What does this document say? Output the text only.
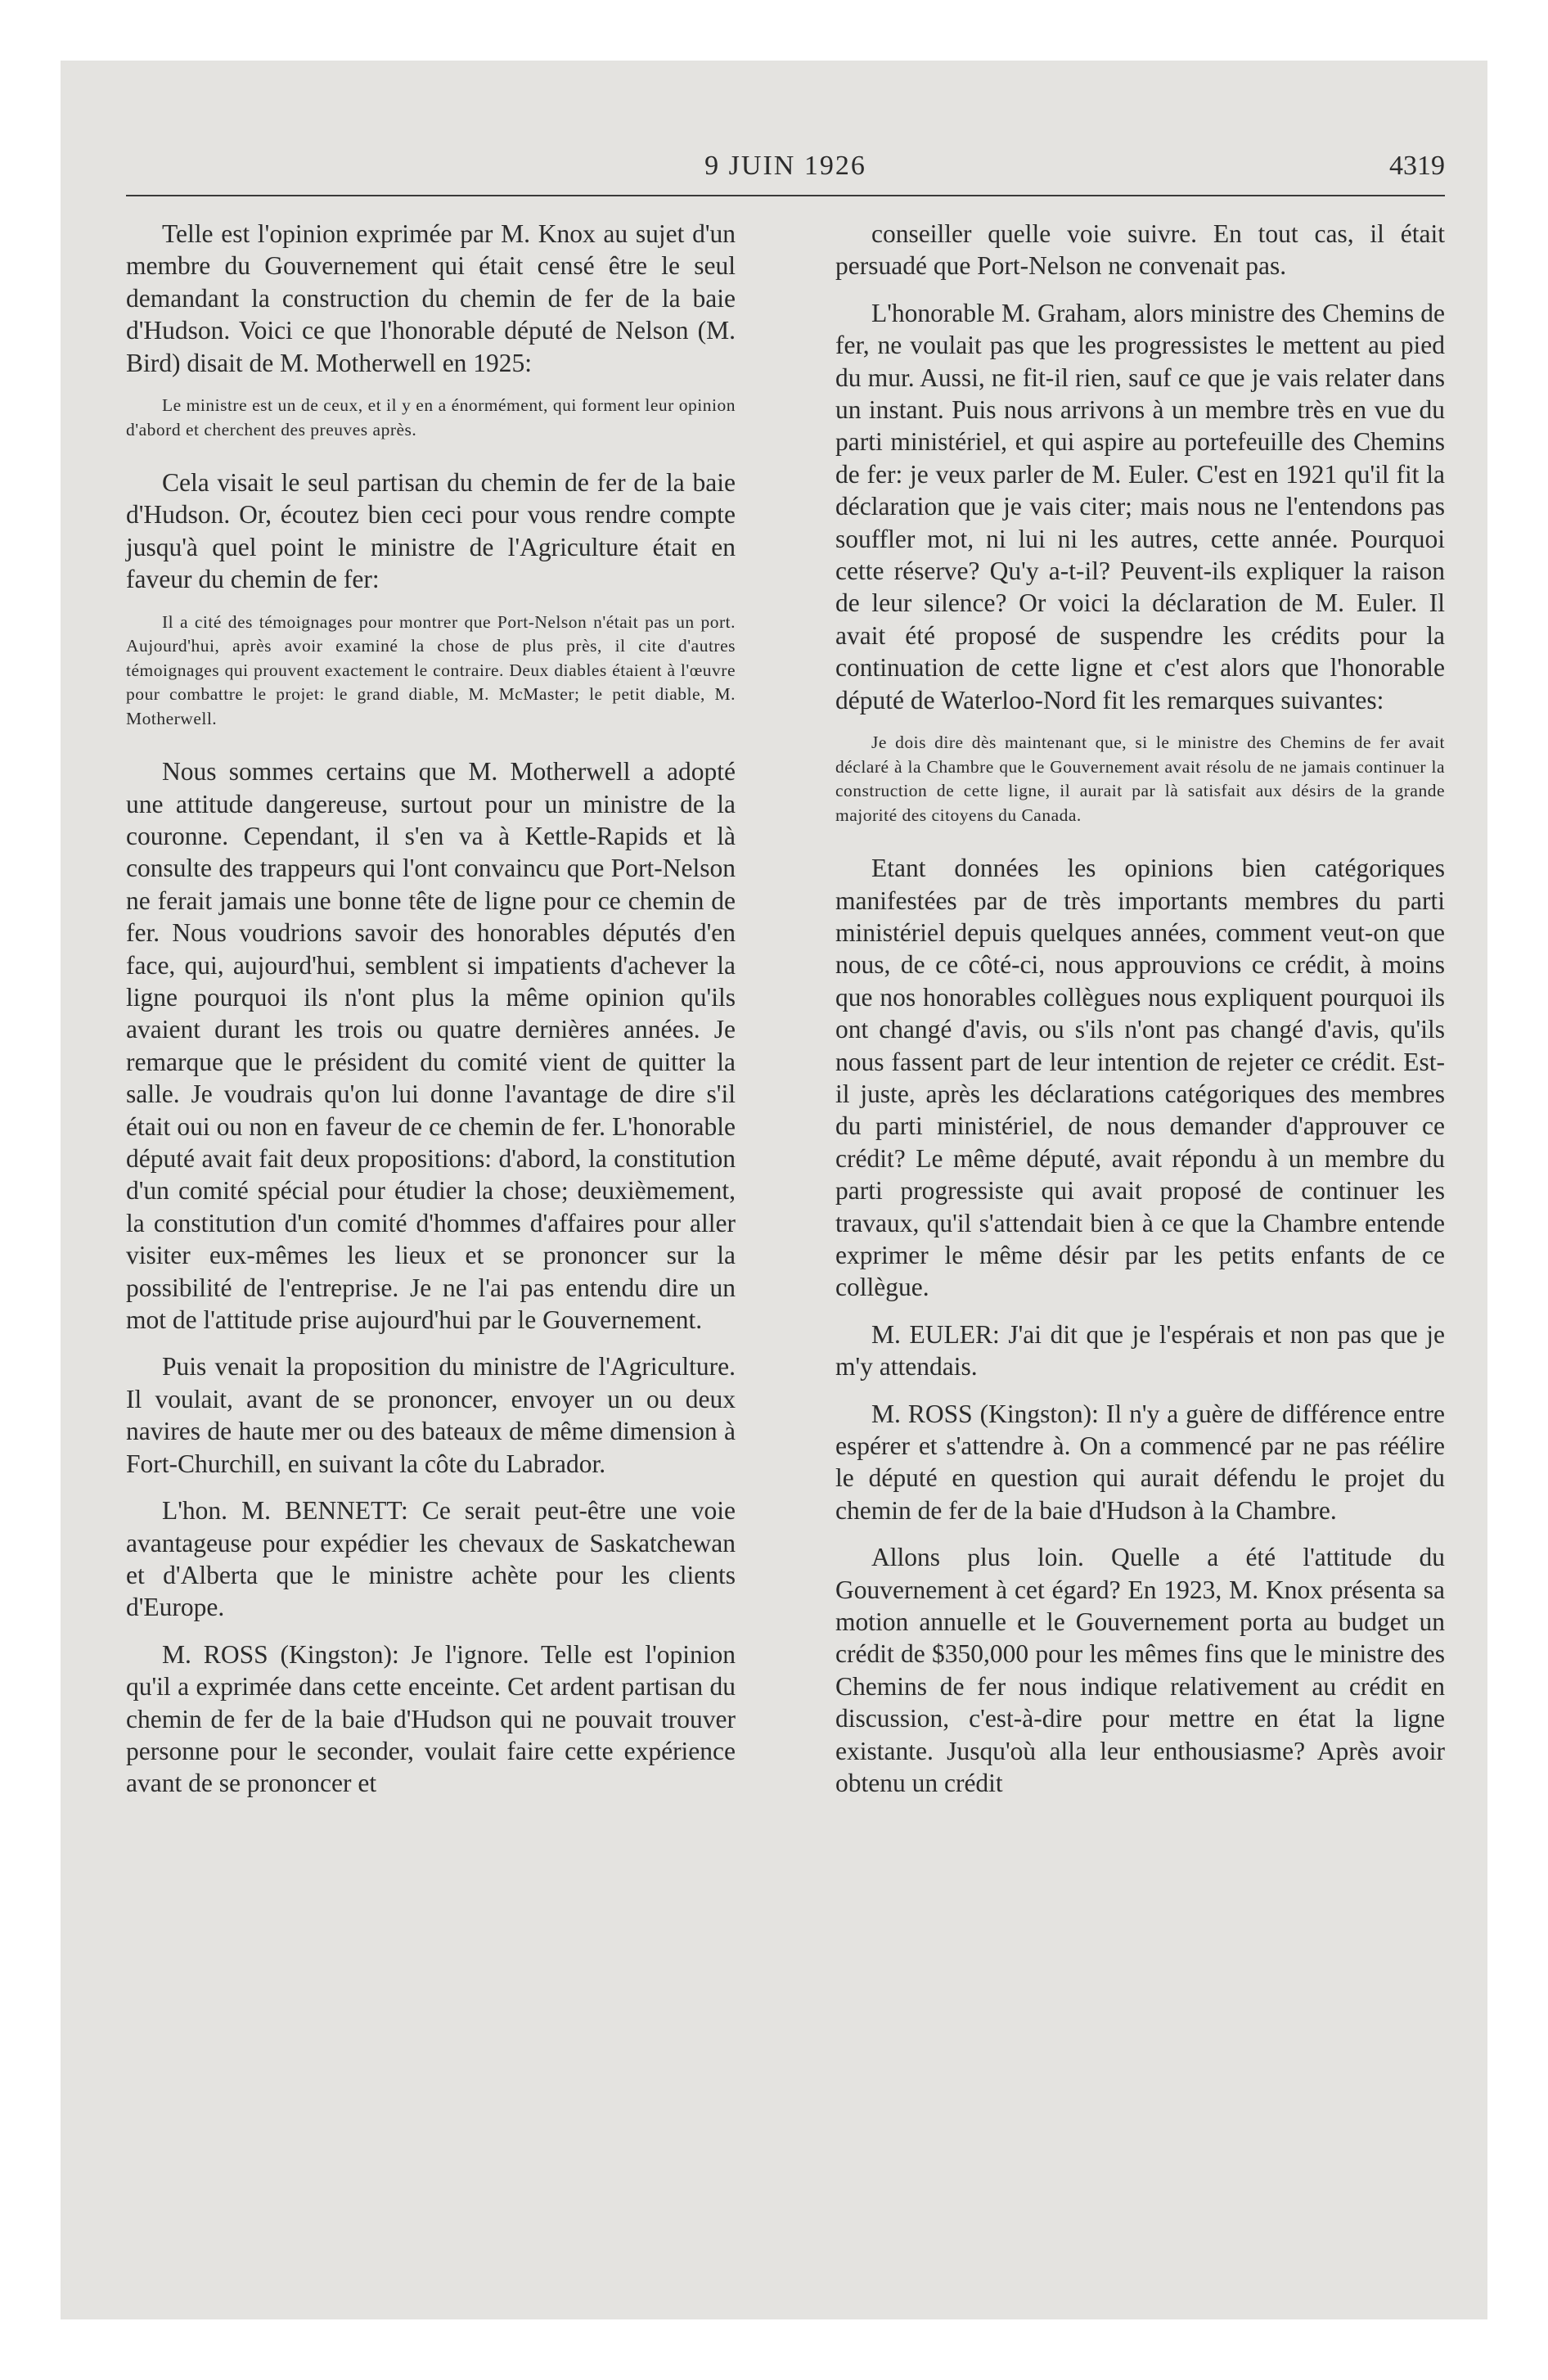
9 JUIN 1926	4319

Telle est l'opinion exprimée par M. Knox au sujet d'un membre du Gouvernement qui était censé être le seul demandant la construction du chemin de fer de la baie d'Hudson. Voici ce que l'honorable député de Nelson (M. Bird) disait de M. Motherwell en 1925:

Le ministre est un de ceux, et il y en a énormément, qui forment leur opinion d'abord et cherchent des preuves après.

Cela visait le seul partisan du chemin de fer de la baie d'Hudson. Or, écoutez bien ceci pour vous rendre compte jusqu'à quel point le ministre de l'Agriculture était en faveur du chemin de fer:

Il a cité des témoignages pour montrer que Port-Nelson n'était pas un port. Aujourd'hui, après avoir examiné la chose de plus près, il cite d'autres témoignages qui prouvent exactement le contraire. Deux diables étaient à l'œuvre pour combattre le projet: le grand diable, M. McMaster; le petit diable, M. Motherwell.

Nous sommes certains que M. Motherwell a adopté une attitude dangereuse, surtout pour un ministre de la couronne. Cependant, il s'en va à Kettle-Rapids et là consulte des trappeurs qui l'ont convaincu que Port-Nelson ne ferait jamais une bonne tête de ligne pour ce chemin de fer. Nous voudrions savoir des honorables députés d'en face, qui, aujourd'hui, semblent si impatients d'achever la ligne pourquoi ils n'ont plus la même opinion qu'ils avaient durant les trois ou quatre dernières années. Je remarque que le président du comité vient de quitter la salle. Je voudrais qu'on lui donne l'avantage de dire s'il était oui ou non en faveur de ce chemin de fer. L'honorable député avait fait deux propositions: d'abord, la constitution d'un comité spécial pour étudier la chose; deuxièmement, la constitution d'un comité d'hommes d'affaires pour aller visiter eux-mêmes les lieux et se prononcer sur la possibilité de l'entreprise. Je ne l'ai pas entendu dire un mot de l'attitude prise aujourd'hui par le Gouvernement.

Puis venait la proposition du ministre de l'Agriculture. Il voulait, avant de se prononcer, envoyer un ou deux navires de haute mer ou des bateaux de même dimension à Fort-Churchill, en suivant la côte du Labrador.

L'hon. M. BENNETT: Ce serait peut-être une voie avantageuse pour expédier les chevaux de Saskatchewan et d'Alberta que le ministre achète pour les clients d'Europe.

M. ROSS (Kingston): Je l'ignore. Telle est l'opinion qu'il a exprimée dans cette enceinte. Cet ardent partisan du chemin de fer de la baie d'Hudson qui ne pouvait trouver personne pour le seconder, voulait faire cette expérience avant de se prononcer et

conseiller quelle voie suivre. En tout cas, il était persuadé que Port-Nelson ne convenait pas.

L'honorable M. Graham, alors ministre des Chemins de fer, ne voulait pas que les progressistes le mettent au pied du mur. Aussi, ne fit-il rien, sauf ce que je vais relater dans un instant. Puis nous arrivons à un membre très en vue du parti ministériel, et qui aspire au portefeuille des Chemins de fer: je veux parler de M. Euler. C'est en 1921 qu'il fit la déclaration que je vais citer; mais nous ne l'entendons pas souffler mot, ni lui ni les autres, cette année. Pourquoi cette réserve? Qu'y a-t-il? Peuvent-ils expliquer la raison de leur silence? Or voici la déclaration de M. Euler. Il avait été proposé de suspendre les crédits pour la continuation de cette ligne et c'est alors que l'honorable député de Waterloo-Nord fit les remarques suivantes:

Je dois dire dès maintenant que, si le ministre des Chemins de fer avait déclaré à la Chambre que le Gouvernement avait résolu de ne jamais continuer la construction de cette ligne, il aurait par là satisfait aux désirs de la grande majorité des citoyens du Canada.

Etant données les opinions bien catégoriques manifestées par de très importants membres du parti ministériel depuis quelques années, comment veut-on que nous, de ce côté-ci, nous approuvions ce crédit, à moins que nos honorables collègues nous expliquent pourquoi ils ont changé d'avis, ou s'ils n'ont pas changé d'avis, qu'ils nous fassent part de leur intention de rejeter ce crédit. Est-il juste, après les déclarations catégoriques des membres du parti ministériel, de nous demander d'approuver ce crédit? Le même député, avait répondu à un membre du parti progressiste qui avait proposé de continuer les travaux, qu'il s'attendait bien à ce que la Chambre entende exprimer le même désir par les petits enfants de ce collègue.

M. EULER: J'ai dit que je l'espérais et non pas que je m'y attendais.

M. ROSS (Kingston): Il n'y a guère de différence entre espérer et s'attendre à. On a commencé par ne pas réélire le député en question qui aurait défendu le projet du chemin de fer de la baie d'Hudson à la Chambre.

Allons plus loin. Quelle a été l'attitude du Gouvernement à cet égard? En 1923, M. Knox présenta sa motion annuelle et le Gouvernement porta au budget un crédit de $350,000 pour les mêmes fins que le ministre des Chemins de fer nous indique relativement au crédit en discussion, c'est-à-dire pour mettre en état la ligne existante. Jusqu'où alla leur enthousiasme? Après avoir obtenu un crédit
